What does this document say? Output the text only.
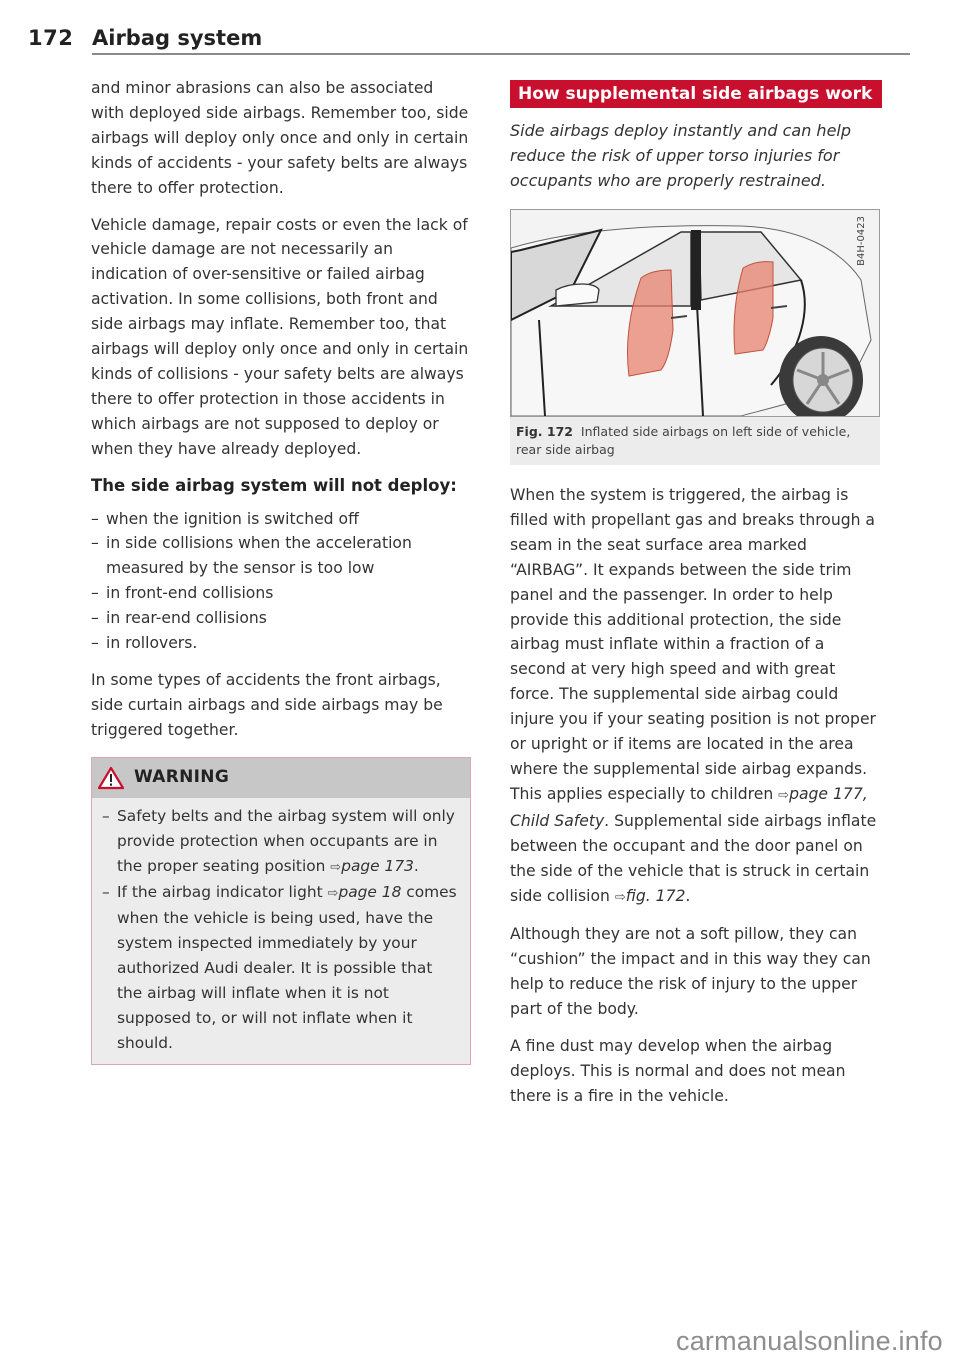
172 Airbag system

and minor abrasions can also be associated with deployed side airbags. Remember too, side airbags will deploy only once and only in certain kinds of accidents - your safety belts are always there to offer protection.

Vehicle damage, repair costs or even the lack of vehicle damage are not necessarily an indication of over-sensitive or failed airbag activation. In some collisions, both front and side airbags may inflate. Remember too, that airbags will deploy only once and only in certain kinds of collisions - your safety belts are always there to offer protection in those accidents in which airbags are not supposed to deploy or when they have already deployed.

The side airbag system will not deploy:
– when the ignition is switched off
– in side collisions when the acceleration measured by the sensor is too low
– in front-end collisions
– in rear-end collisions
– in rollovers.

In some types of accidents the front airbags, side curtain airbags and side airbags may be triggered together.

WARNING
– Safety belts and the airbag system will only provide protection when occupants are in the proper seating position ⇨page 173.
– If the airbag indicator light ⇨page 18 comes when the vehicle is being used, have the system inspected immediately by your authorized Audi dealer. It is possible that the airbag will inflate when it is not supposed to, or will not inflate when it should.
How supplemental side airbags work
Side airbags deploy instantly and can help reduce the risk of upper torso injuries for occupants who are properly restrained.
B4H-0423
Fig. 172 Inflated side airbags on left side of vehicle, rear side airbag

When the system is triggered, the airbag is filled with propellant gas and breaks through a seam in the seat surface area marked “AIRBAG”. It expands between the side trim panel and the passenger. In order to help provide this additional protection, the side airbag must inflate within a fraction of a second at very high speed and with great force. The supplemental side airbag could injure you if your seating position is not proper or upright or if items are located in the area where the supplemental side airbag expands. This applies especially to children ⇨page 177, Child Safety. Supplemental side airbags inflate between the occupant and the door panel on the side of the vehicle that is struck in certain side collision ⇨fig. 172.

Although they are not a soft pillow, they can “cushion” the impact and in this way they can help to reduce the risk of injury to the upper part of the body.

A fine dust may develop when the airbag deploys. This is normal and does not mean there is a fire in the vehicle.

carmanualsonline.info
